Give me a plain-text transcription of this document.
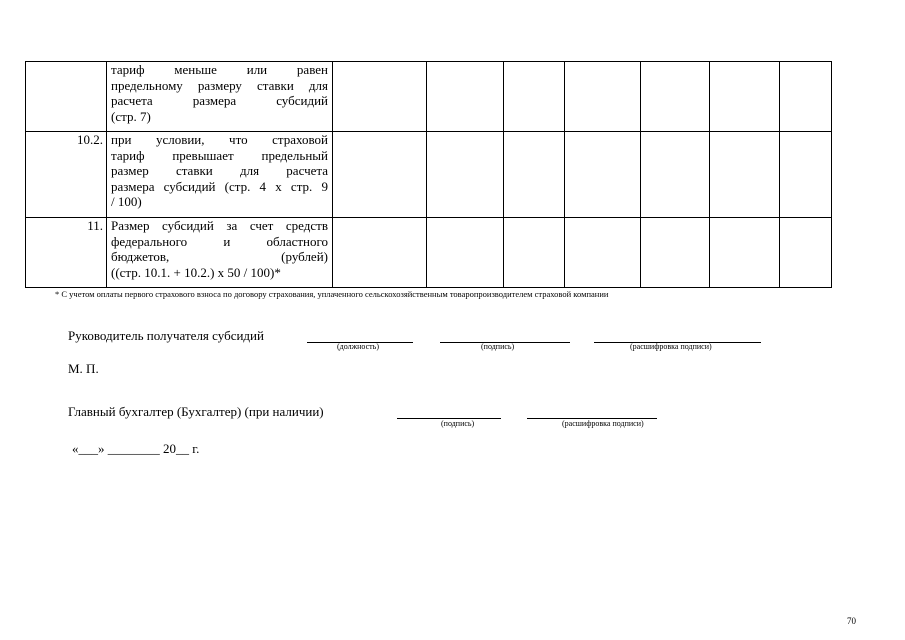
	тариф меньше или равен
предельному размеру ставки для
расчета размера субсидий
(стр. 7)							

10.2.	при условии, что страховой
тариф превышает предельный
размер ставки для расчета
размера субсидий (стр. 4 х стр. 9
/ 100)							

11.	Размер субсидий за счет средств
федерального и областного
бюджетов, (рублей)
((стр. 10.1. + 10.2.) х 50 / 100)*							

* С учетом оплаты первого страхового взноса по договору страхования, уплаченного сельскохозяйственным товаропроизводителем страховой компании
Руководитель получателя субсидий
(должность)	(подпись)	(расшифровка подписи)
М. П.
Главный бухгалтер (Бухгалтер) (при наличии)
(подпись)	(расшифровка подписи)
«___» ________ 20__ г.
70
